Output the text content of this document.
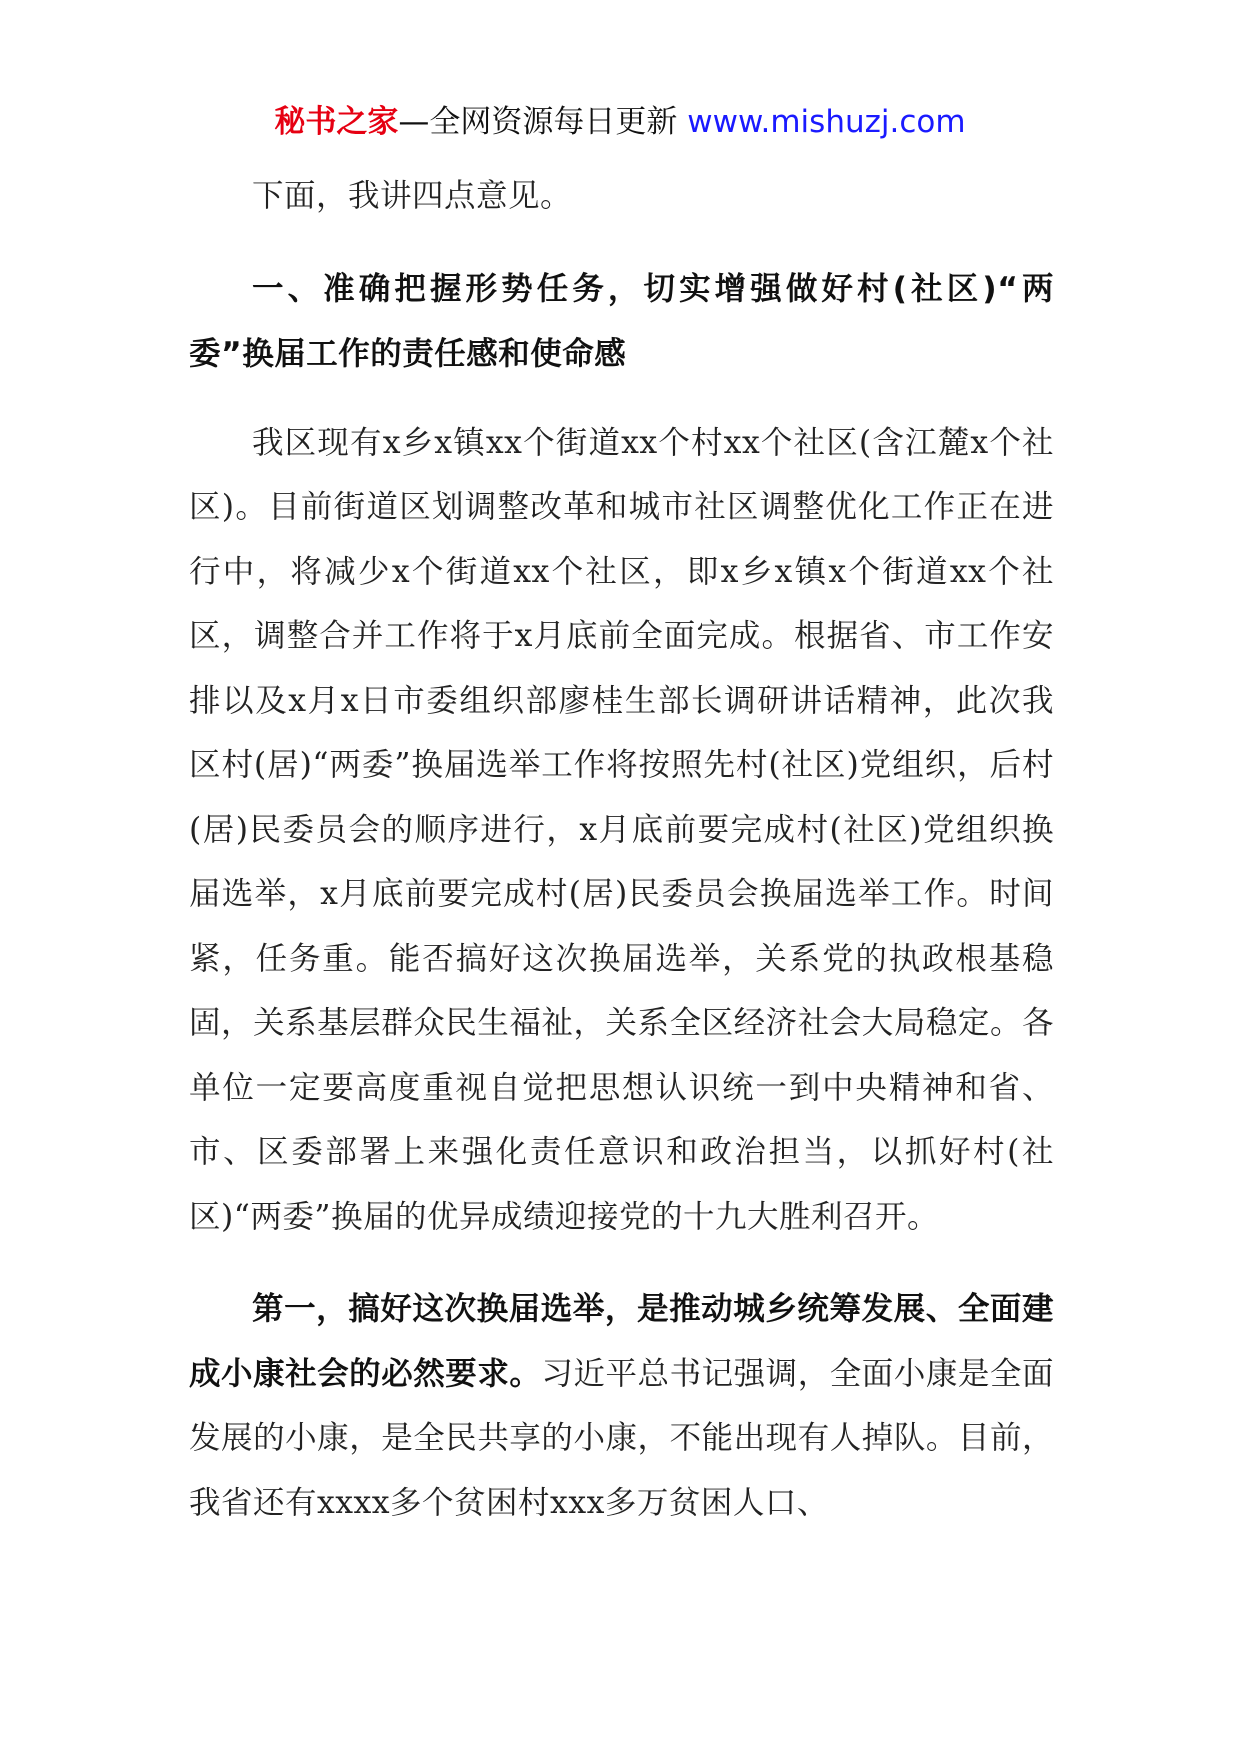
秘书之家—全网资源每日更新 www.mishuzj.com

下面，我讲四点意见。

一、准确把握形势任务，切实增强做好村(社区)“两委”换届工作的责任感和使命感

我区现有x乡x镇xx个街道xx个村xx个社区(含江麓x个社区)。目前街道区划调整改革和城市社区调整优化工作正在进行中，将减少x个街道xx个社区，即x乡x镇x个街道xx个社区，调整合并工作将于x月底前全面完成。根据省、市工作安排以及x月x日市委组织部廖桂生部长调研讲话精神，此次我区村(居)“两委”换届选举工作将按照先村(社区)党组织，后村(居)民委员会的顺序进行，x月底前要完成村(社区)党组织换届选举，x月底前要完成村(居)民委员会换届选举工作。时间紧，任务重。能否搞好这次换届选举，关系党的执政根基稳固，关系基层群众民生福祉，关系全区经济社会大局稳定。各单位一定要高度重视自觉把思想认识统一到中央精神和省、市、区委部署上来强化责任意识和政治担当，以抓好村(社区)“两委”换届的优异成绩迎接党的十九大胜利召开。

第一，搞好这次换届选举，是推动城乡统筹发展、全面建成小康社会的必然要求。习近平总书记强调，全面小康是全面发展的小康，是全民共享的小康，不能出现有人掉队。目前，我省还有xxxx多个贫困村xxx多万贫困人口、
